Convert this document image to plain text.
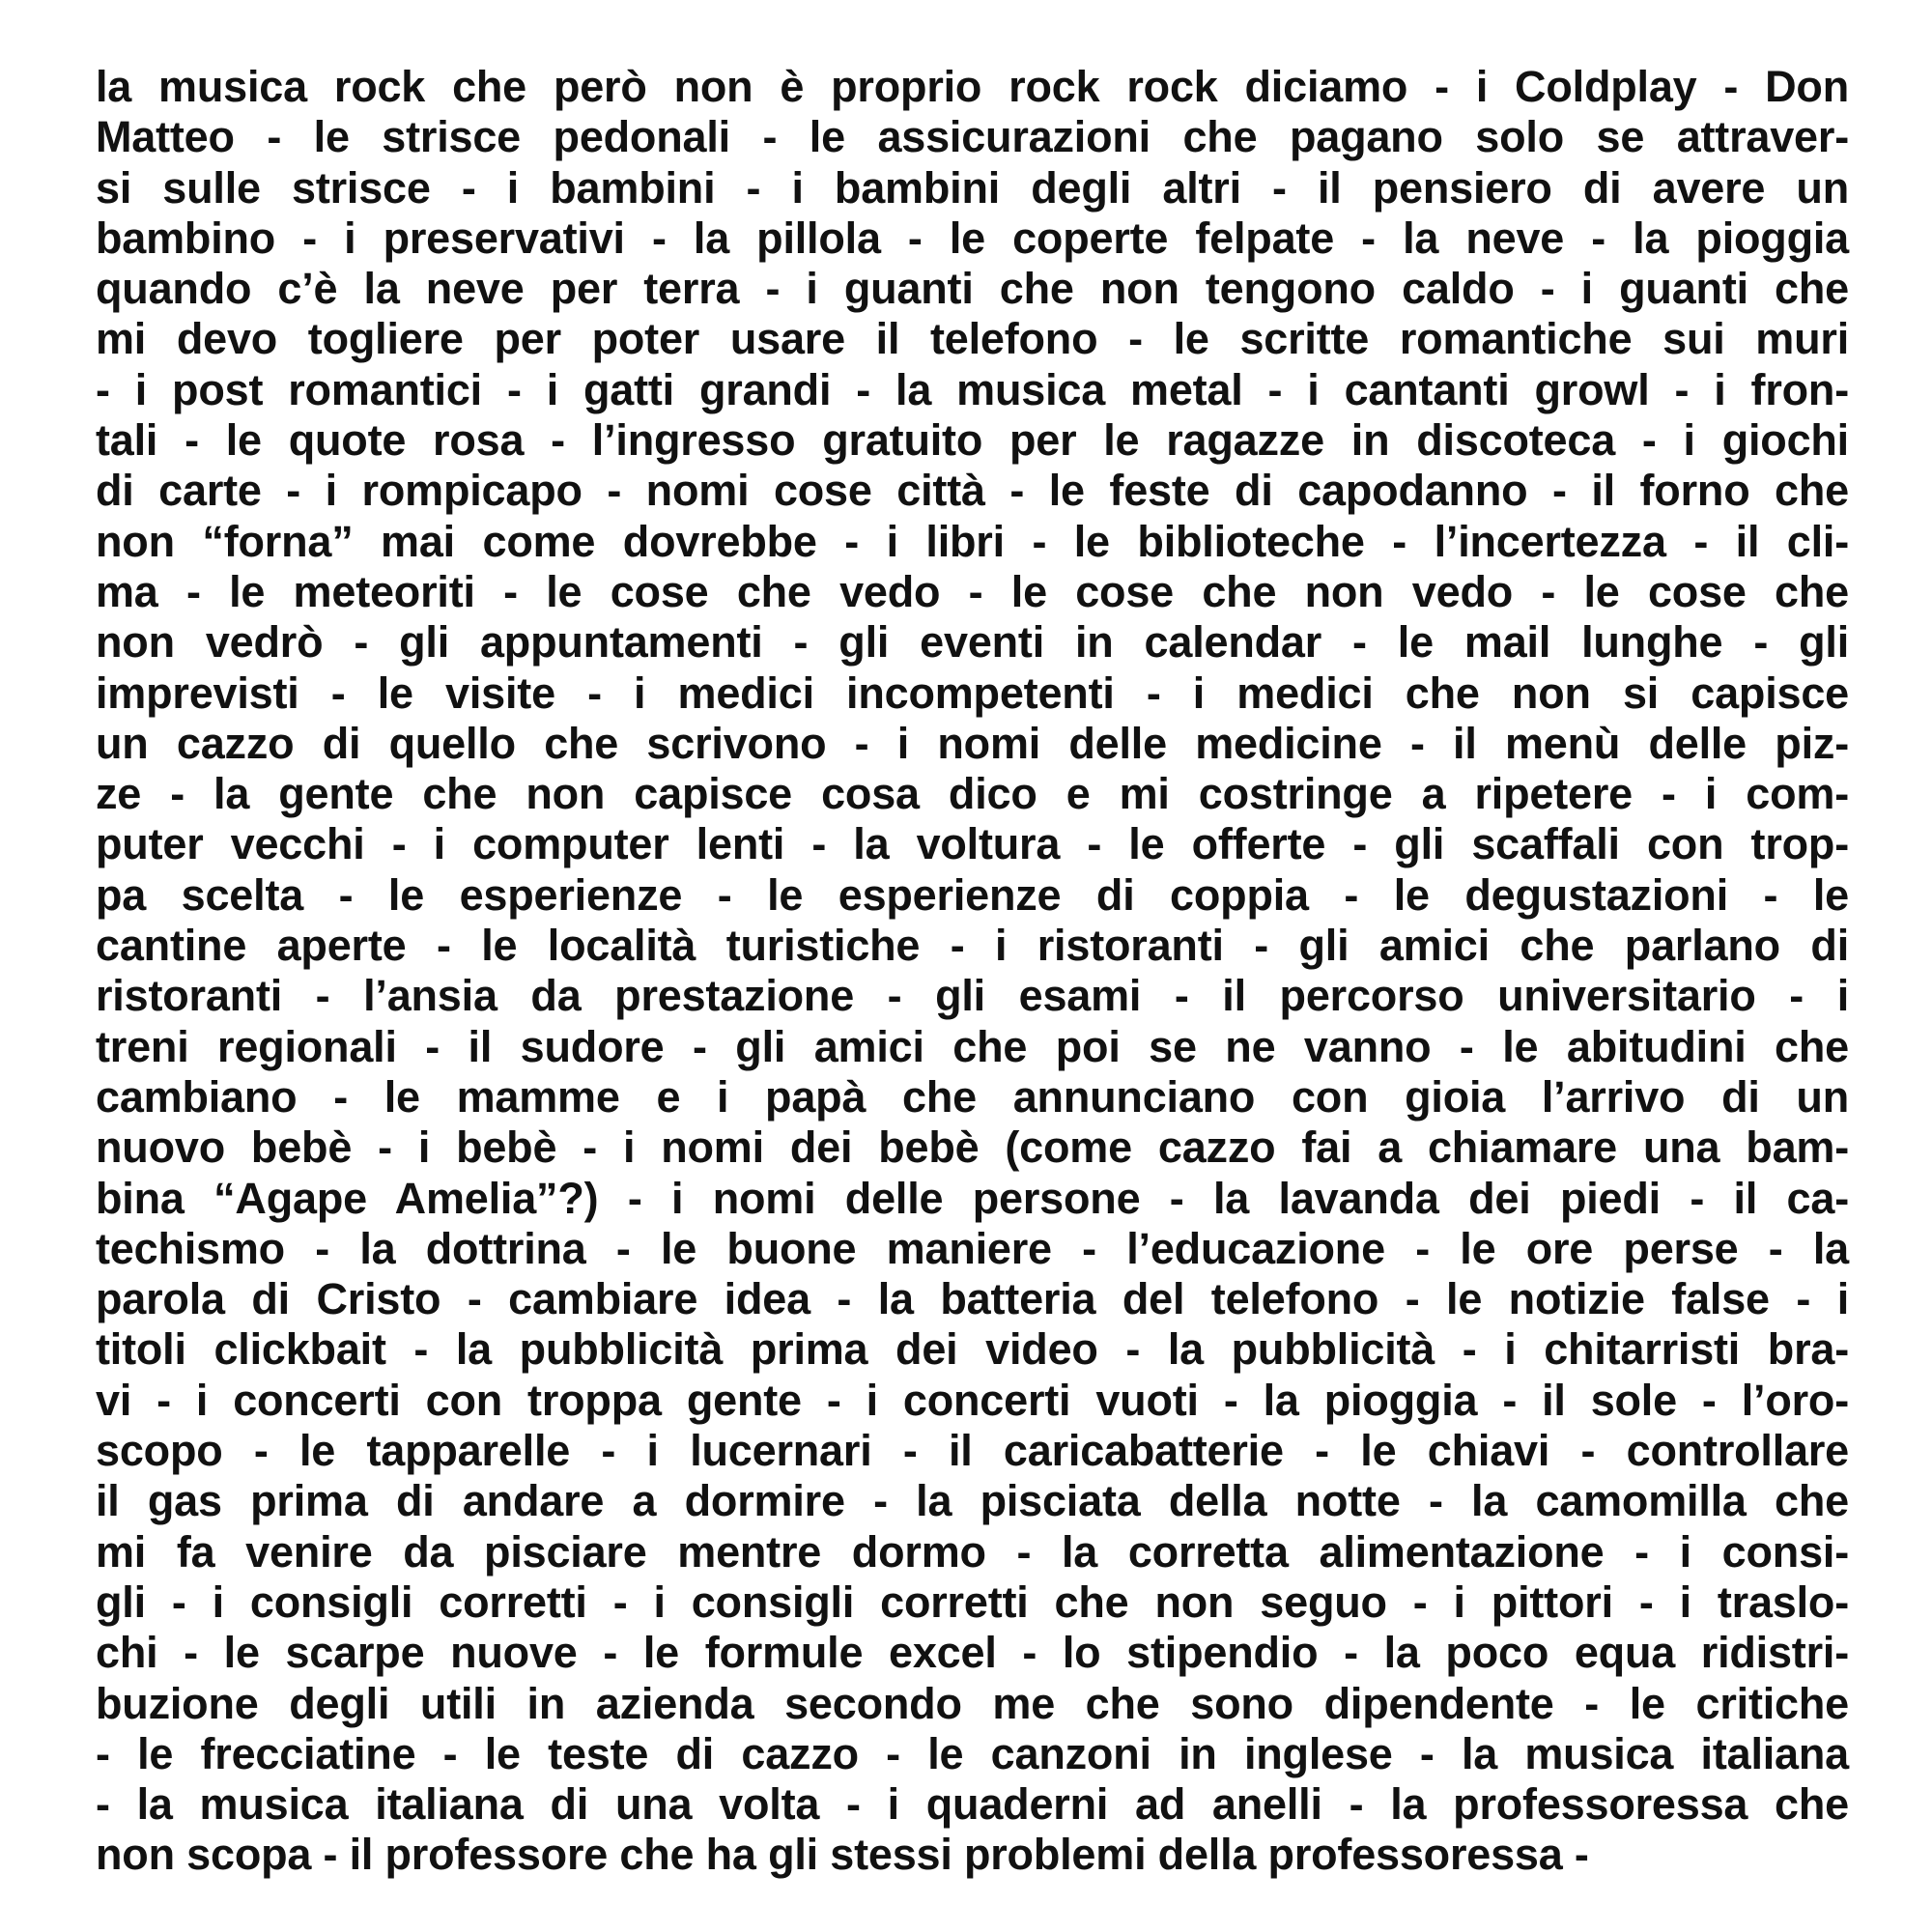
la musica rock che però non è proprio rock rock diciamo - i Coldplay - Don
Matteo - le strisce pedonali - le assicurazioni che pagano solo se attraver-
si sulle strisce - i bambini - i bambini degli altri - il pensiero di avere un
bambino - i preservativi - la pillola - le coperte felpate - la neve - la pioggia
quando c’è la neve per terra - i guanti che non tengono caldo - i guanti che
mi devo togliere per poter usare il telefono - le scritte romantiche sui muri
- i post romantici - i gatti grandi - la musica metal - i cantanti growl - i fron-
tali - le quote rosa - l’ingresso gratuito per le ragazze in discoteca - i giochi
di carte - i rompicapo - nomi cose città - le feste di capodanno - il forno che
non “forna” mai come dovrebbe - i libri - le biblioteche - l’incertezza - il cli-
ma - le meteoriti - le cose che vedo - le cose che non vedo - le cose che
non vedrò - gli appuntamenti - gli eventi in calendar - le mail lunghe - gli
imprevisti - le visite - i medici incompetenti - i medici che non si capisce
un cazzo di quello che scrivono - i nomi delle medicine - il menù delle piz-
ze - la gente che non capisce cosa dico e mi costringe a ripetere - i com-
puter vecchi - i computer lenti - la voltura - le offerte - gli scaffali con trop-
pa scelta - le esperienze - le esperienze di coppia - le degustazioni - le
cantine aperte - le località turistiche - i ristoranti - gli amici che parlano di
ristoranti - l’ansia da prestazione - gli esami - il percorso universitario - i
treni regionali - il sudore - gli amici che poi se ne vanno - le abitudini che
cambiano - le mamme e i papà che annunciano con gioia l’arrivo di un
nuovo bebè - i bebè - i nomi dei bebè (come cazzo fai a chiamare una bam-
bina “Agape Amelia”?) - i nomi delle persone - la lavanda dei piedi - il ca-
techismo - la dottrina - le buone maniere - l’educazione - le ore perse - la
parola di Cristo - cambiare idea - la batteria del telefono - le notizie false - i
titoli clickbait - la pubblicità prima dei video - la pubblicità - i chitarristi bra-
vi - i concerti con troppa gente - i concerti vuoti - la pioggia - il sole - l’oro-
scopo - le tapparelle - i lucernari - il caricabatterie - le chiavi - controllare
il gas prima di andare a dormire - la pisciata della notte - la camomilla che
mi fa venire da pisciare mentre dormo - la corretta alimentazione - i consi-
gli - i consigli corretti - i consigli corretti che non seguo - i pittori - i traslo-
chi - le scarpe nuove - le formule excel - lo stipendio - la poco equa ridistri-
buzione degli utili in azienda secondo me che sono dipendente - le critiche
- le frecciatine - le teste di cazzo - le canzoni in inglese - la musica italiana
- la musica italiana di una volta - i quaderni ad anelli - la professoressa che
non scopa - il professore che ha gli stessi problemi della professoressa -
